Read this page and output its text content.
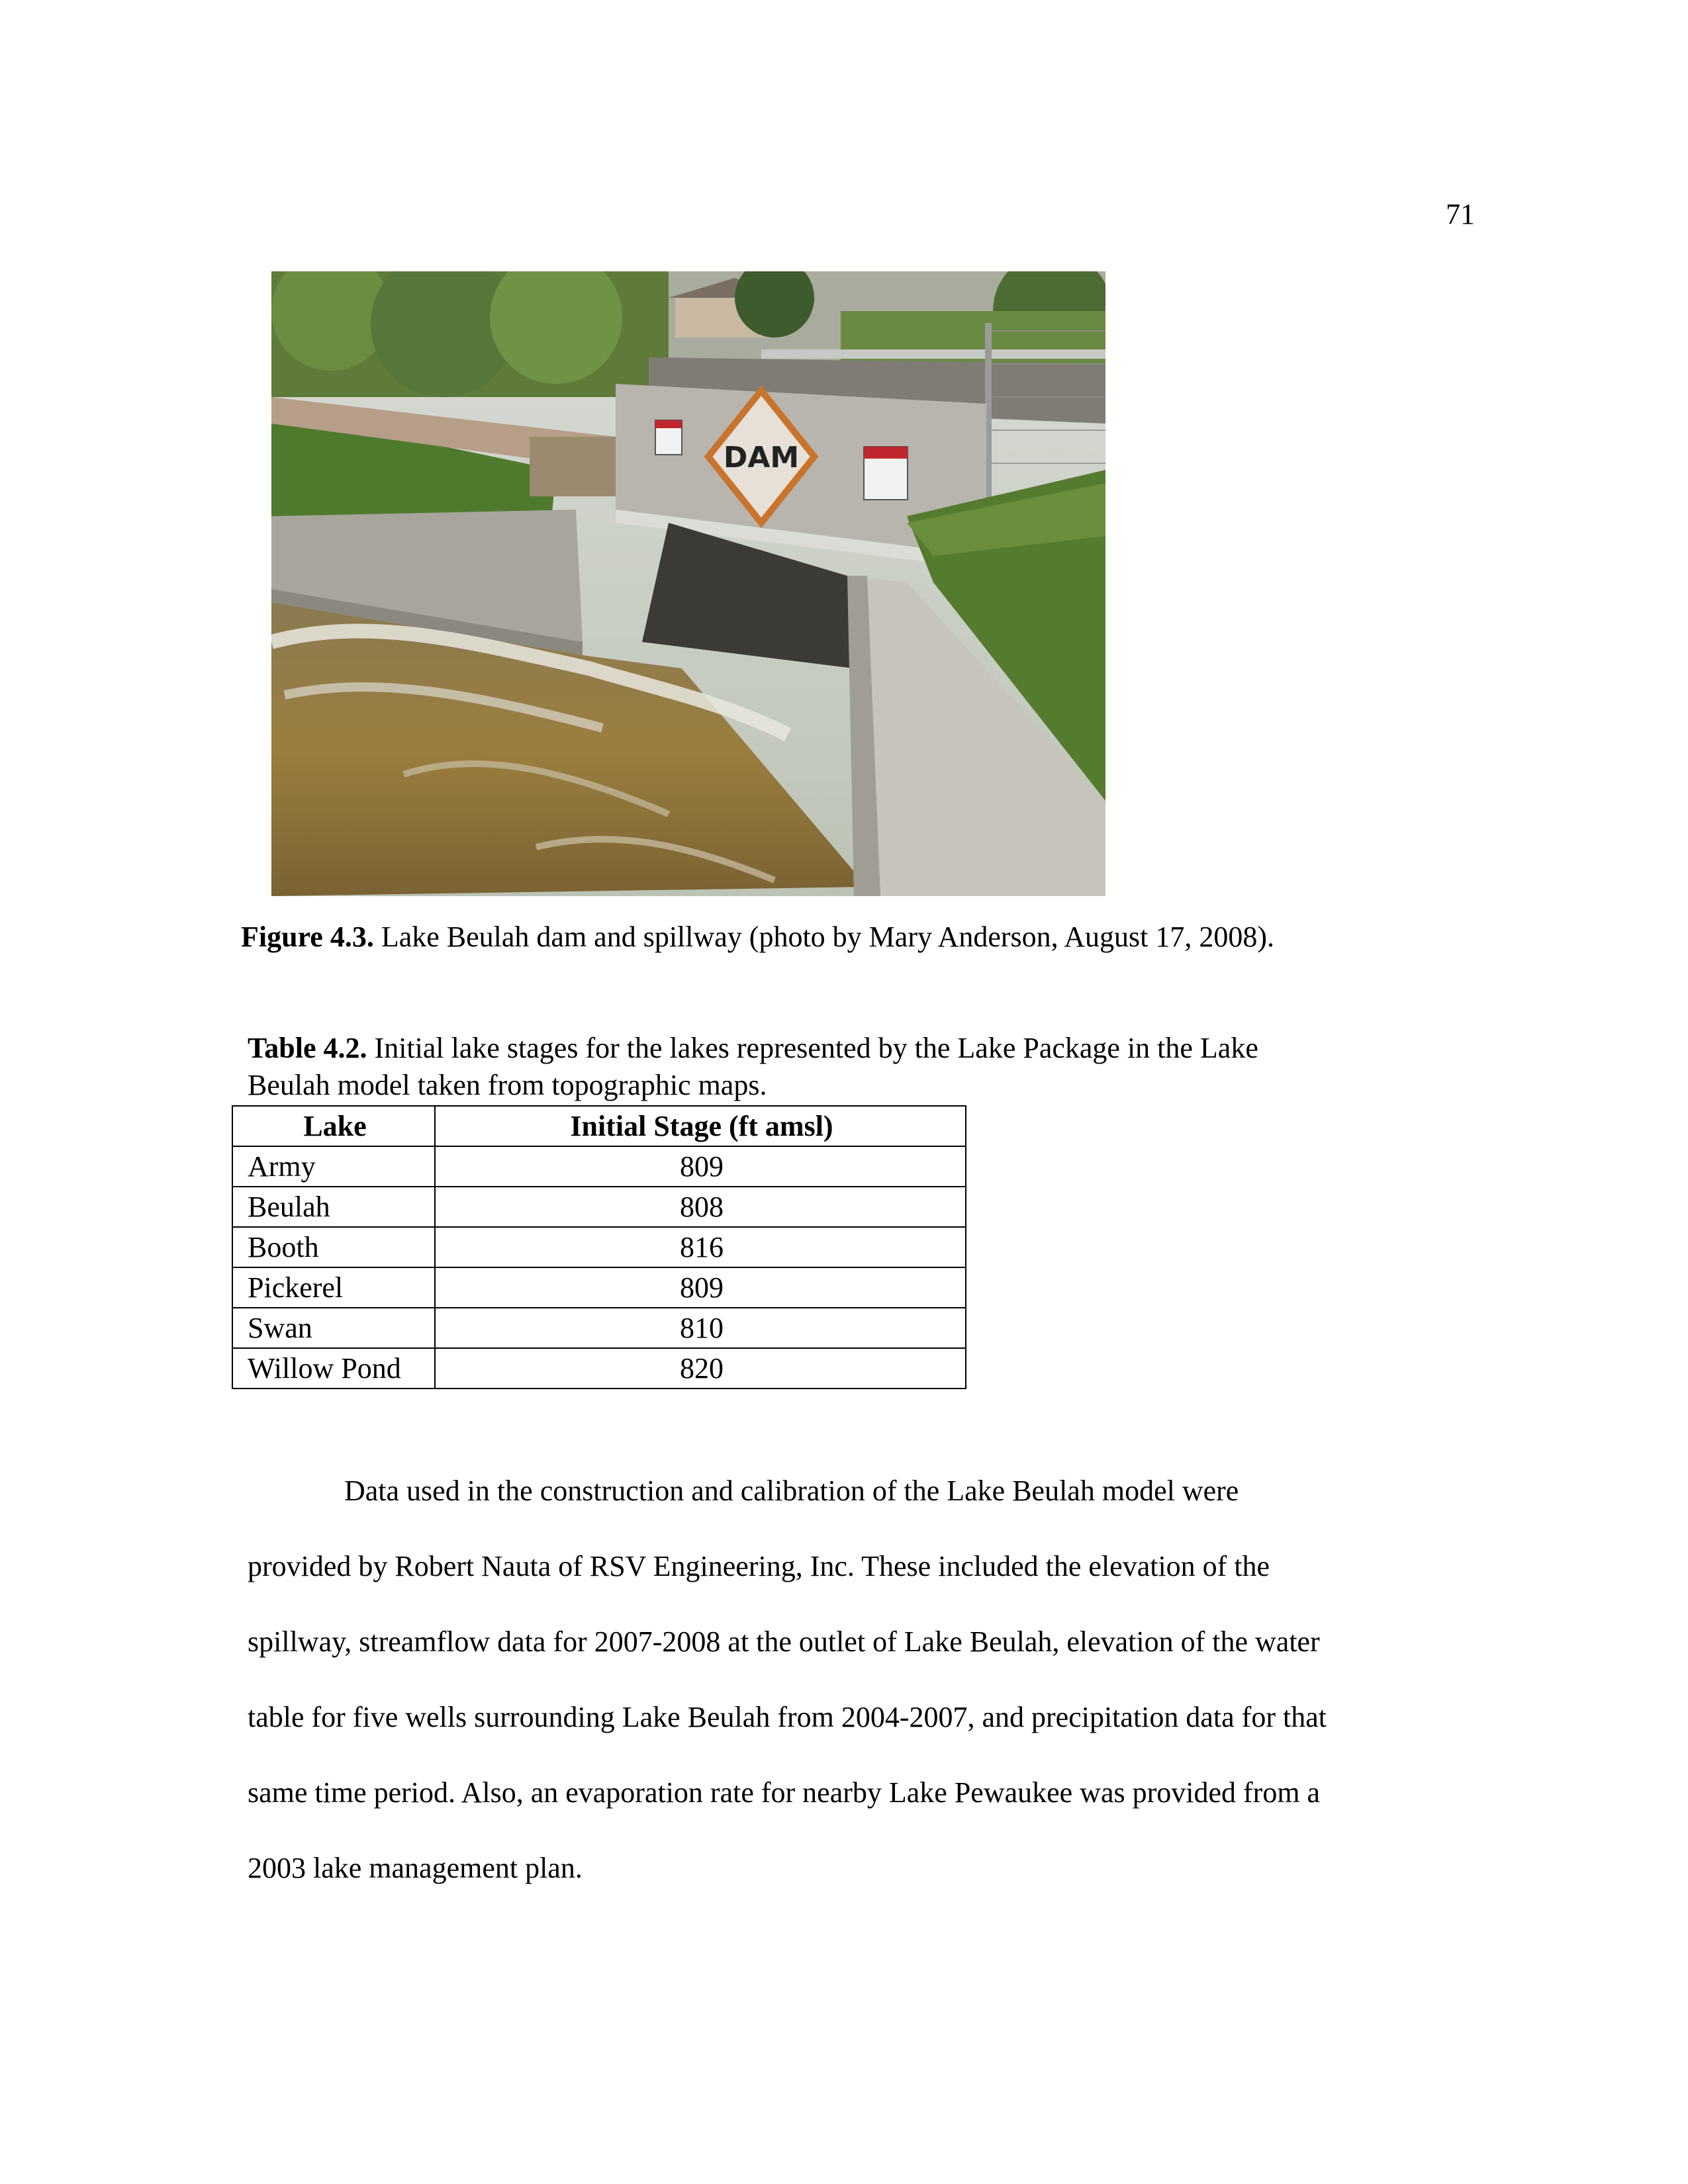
71
DAM
Figure 4.3. Lake Beulah dam and spillway (photo by Mary Anderson, August 17, 2008).
Table 4.2. Initial lake stages for the lakes represented by the Lake Package in the Lake
Beulah model taken from topographic maps.
Lake	Initial Stage (ft amsl)
Army	809
Beulah	808
Booth	816
Pickerel	809
Swan	810
Willow Pond	820
Data used in the construction and calibration of the Lake Beulah model were
provided by Robert Nauta of RSV Engineering, Inc. These included the elevation of the
spillway, streamflow data for 2007-2008 at the outlet of Lake Beulah, elevation of the water
table for five wells surrounding Lake Beulah from 2004-2007, and precipitation data for that
same time period. Also, an evaporation rate for nearby Lake Pewaukee was provided from a
2003 lake management plan.
